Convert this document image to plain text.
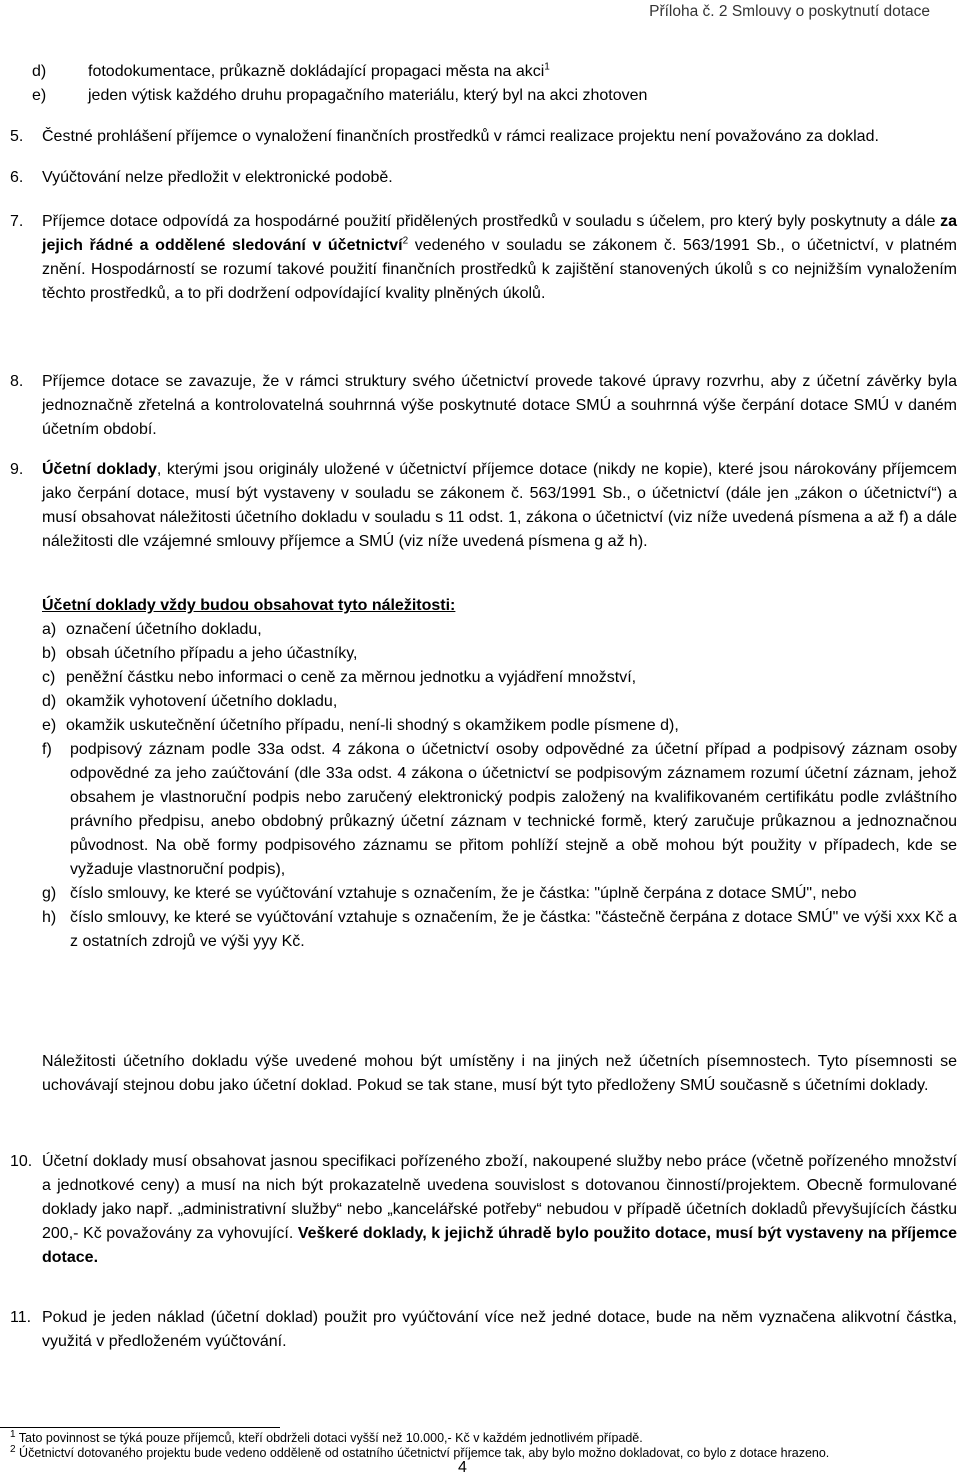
Příloha č. 2 Smlouvy o poskytnutí dotace
d)	fotodokumentace, průkazně dokládající propagaci města na akci$^1$
e)	jeden výtisk každého druhu propagačního materiálu, který byl na akci zhotoven
5.	Čestné prohlášení příjemce o vynaložení finančních prostředků v rámci realizace projektu není považováno za doklad.
6.	Vyúčtování nelze předložit v elektronické podobě.
7.	Příjemce dotace odpovídá za hospodárné použití přidělených prostředků v souladu s účelem, pro který byly poskytnuty a dále za jejich řádné a oddělené sledování v účetnictví$^2$ vedeného v souladu se zákonem č. 563/1991 Sb., o účetnictví, v platném znění. Hospodárností se rozumí takové použití finančních prostředků k zajištění stanovených úkolů s co nejnižším vynaložením těchto prostředků, a to při dodržení odpovídající kvality plněných úkolů.
8.	Příjemce dotace se zavazuje, že v rámci struktury svého účetnictví provede takové úpravy rozvrhu, aby z účetní závěrky byla jednoznačně zřetelná a kontrolovatelná souhrnná výše poskytnuté dotace SMÚ a souhrnná výše čerpání dotace SMÚ v daném účetním období.
9.	Účetní doklady, kterými jsou originály uložené v účetnictví příjemce dotace (nikdy ne kopie), které jsou nárokovány příjemcem jako čerpání dotace, musí být vystaveny v souladu se zákonem č. 563/1991 Sb., o účetnictví (dále jen „zákon o účetnictví“) a musí obsahovat náležitosti účetního dokladu v souladu s 11 odst. 1, zákona o účetnictví (viz níže uvedená písmena a až f) a dále náležitosti dle vzájemné smlouvy příjemce a SMÚ (viz níže uvedená písmena g až h).
Účetní doklady vždy budou obsahovat tyto náležitosti:
a) označení účetního dokladu,
b) obsah účetního případu a jeho účastníky,
c) peněžní částku nebo informaci o ceně za měrnou jednotku a vyjádření množství,
d) okamžik vyhotovení účetního dokladu,
e) okamžik uskutečnění účetního případu, není-li shodný s okamžikem podle písmene d),
f)	podpisový záznam podle 33a odst. 4 zákona o účetnictví osoby odpovědné za účetní případ a podpisový záznam osoby odpovědné za jeho zaúčtování (dle 33a odst. 4 zákona o účetnictví se podpisovým záznamem rozumí účetní záznam, jehož obsahem je vlastnoruční podpis nebo zaručený elektronický podpis založený na kvalifikovaném certifikátu podle zvláštního právního předpisu, anebo obdobný průkazný účetní záznam v technické formě, který zaručuje průkaznou a jednoznačnou původnost. Na obě formy podpisového záznamu se přitom pohlíží stejně a obě mohou být použity v případech, kde se vyžaduje vlastnoruční podpis),
g) číslo smlouvy, ke které se vyúčtování vztahuje s označením, že je částka: "úplně čerpána z dotace SMÚ", nebo
h) číslo smlouvy, ke které se vyúčtování vztahuje s označením, že je částka: "částečně čerpána z dotace SMÚ" ve výši xxx Kč a z ostatních zdrojů ve výši yyy Kč.
Náležitosti účetního dokladu výše uvedené mohou být umístěny i na jiných než účetních písemnostech. Tyto písemnosti se uchovávají stejnou dobu jako účetní doklad. Pokud se tak stane, musí být tyto předloženy SMÚ současně s účetními doklady.
10. Účetní doklady musí obsahovat jasnou specifikaci pořízeného zboží, nakoupené služby nebo práce (včetně pořízeného množství a jednotkové ceny) a musí na nich být prokazatelně uvedena souvislost s dotovanou činností/projektem. Obecně formulované doklady jako např. „administrativní služby“ nebo „kancelářské potřeby“ nebudou v případě účetních dokladů převyšujících částku 200,- Kč považovány za vyhovující. Veškeré doklady, k jejichž úhradě bylo použito dotace, musí být vystaveny na příjemce dotace.
11. Pokud je jeden náklad (účetní doklad) použit pro vyúčtování více než jedné dotace, bude na něm vyznačena alikvotní částka, využitá v předloženém vyúčtování.
$^1$ Tato povinnost se týká pouze příjemců, kteří obdrželi dotaci vyšší než 10.000,- Kč v každém jednotlivém případě.
$^2$ Účetnictví dotovaného projektu bude vedeno odděleně od ostatního účetnictví příjemce tak, aby bylo možno dokladovat, co bylo z dotace hrazeno.
4
